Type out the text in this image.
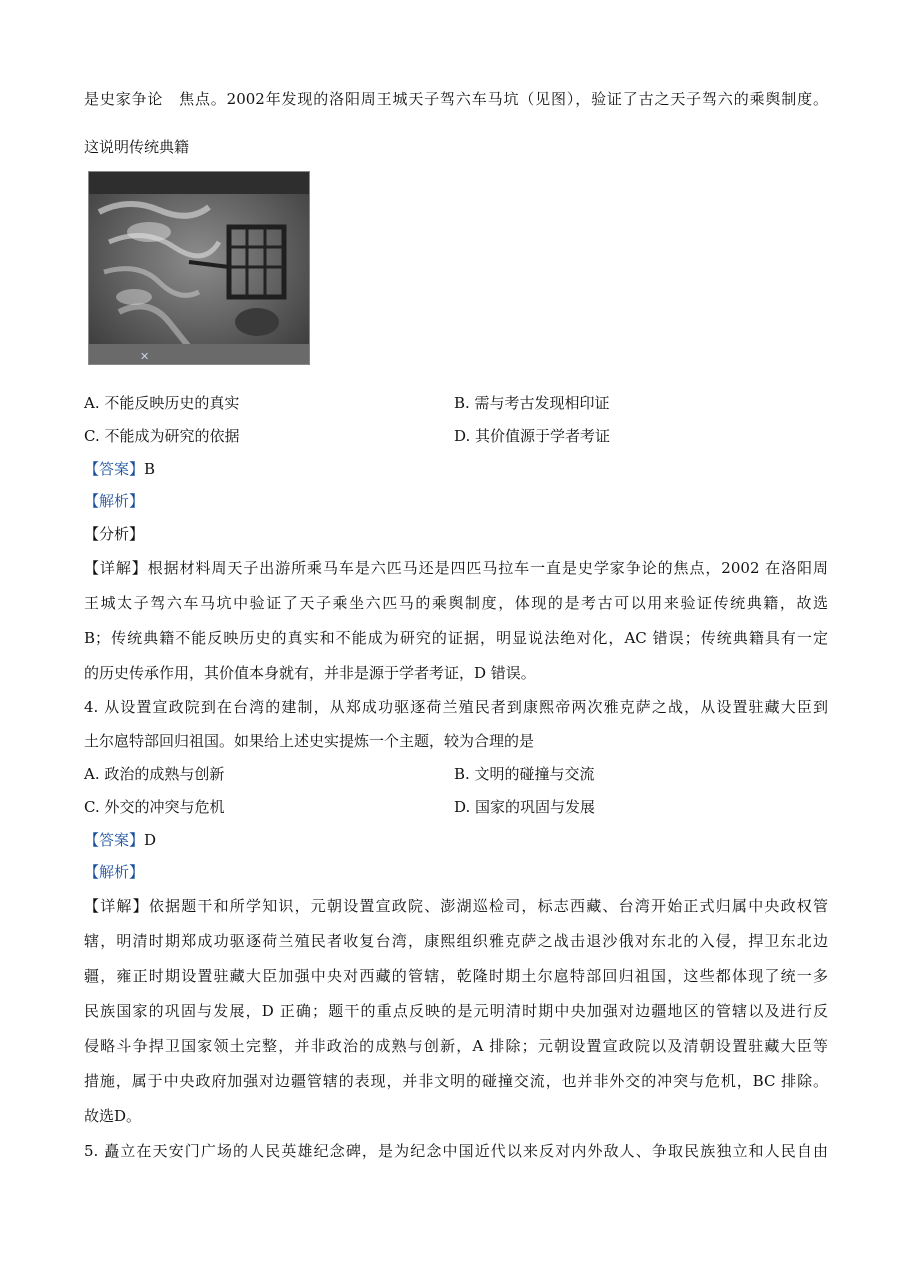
是史家争论　焦点。2002年发现的洛阳周王城天子驾六车马坑（见图），验证了古之天子驾六的乘舆制度。
这说明传统典籍
✕
A. 不能反映历史的真实	B. 需与考古发现相印证
C. 不能成为研究的依据	D. 其价值源于学者考证
【答案】B
【解析】
【分析】
【详解】根据材料周天子出游所乘马车是六匹马还是四匹马拉车一直是史学家争论的焦点，2002 在洛阳周
王城太子驾六车马坑中验证了天子乘坐六匹马的乘舆制度，体现的是考古可以用来验证传统典籍，故选
B；传统典籍不能反映历史的真实和不能成为研究的证据，明显说法绝对化，AC 错误；传统典籍具有一定
的历史传承作用，其价值本身就有，并非是源于学者考证，D 错误。
4. 从设置宣政院到在台湾的建制，从郑成功驱逐荷兰殖民者到康熙帝两次雅克萨之战，从设置驻藏大臣到
土尔扈特部回归祖国。如果给上述史实提炼一个主题，较为合理的是
A. 政治的成熟与创新	B. 文明的碰撞与交流
C. 外交的冲突与危机	D. 国家的巩固与发展
【答案】D
【解析】
【详解】依据题干和所学知识，元朝设置宣政院、澎湖巡检司，标志西藏、台湾开始正式归属中央政权管
辖，明清时期郑成功驱逐荷兰殖民者收复台湾，康熙组织雅克萨之战击退沙俄对东北的入侵，捍卫东北边
疆，雍正时期设置驻藏大臣加强中央对西藏的管辖，乾隆时期土尔扈特部回归祖国，这些都体现了统一多
民族国家的巩固与发展，D 正确；题干的重点反映的是元明清时期中央加强对边疆地区的管辖以及进行反
侵略斗争捍卫国家领土完整，并非政治的成熟与创新，A 排除；元朝设置宣政院以及清朝设置驻藏大臣等
措施，属于中央政府加强对边疆管辖的表现，并非文明的碰撞交流，也并非外交的冲突与危机，BC 排除。
故选D。
5. 矗立在天安门广场的人民英雄纪念碑，是为纪念中国近代以来反对内外敌人、争取民族独立和人民自由
